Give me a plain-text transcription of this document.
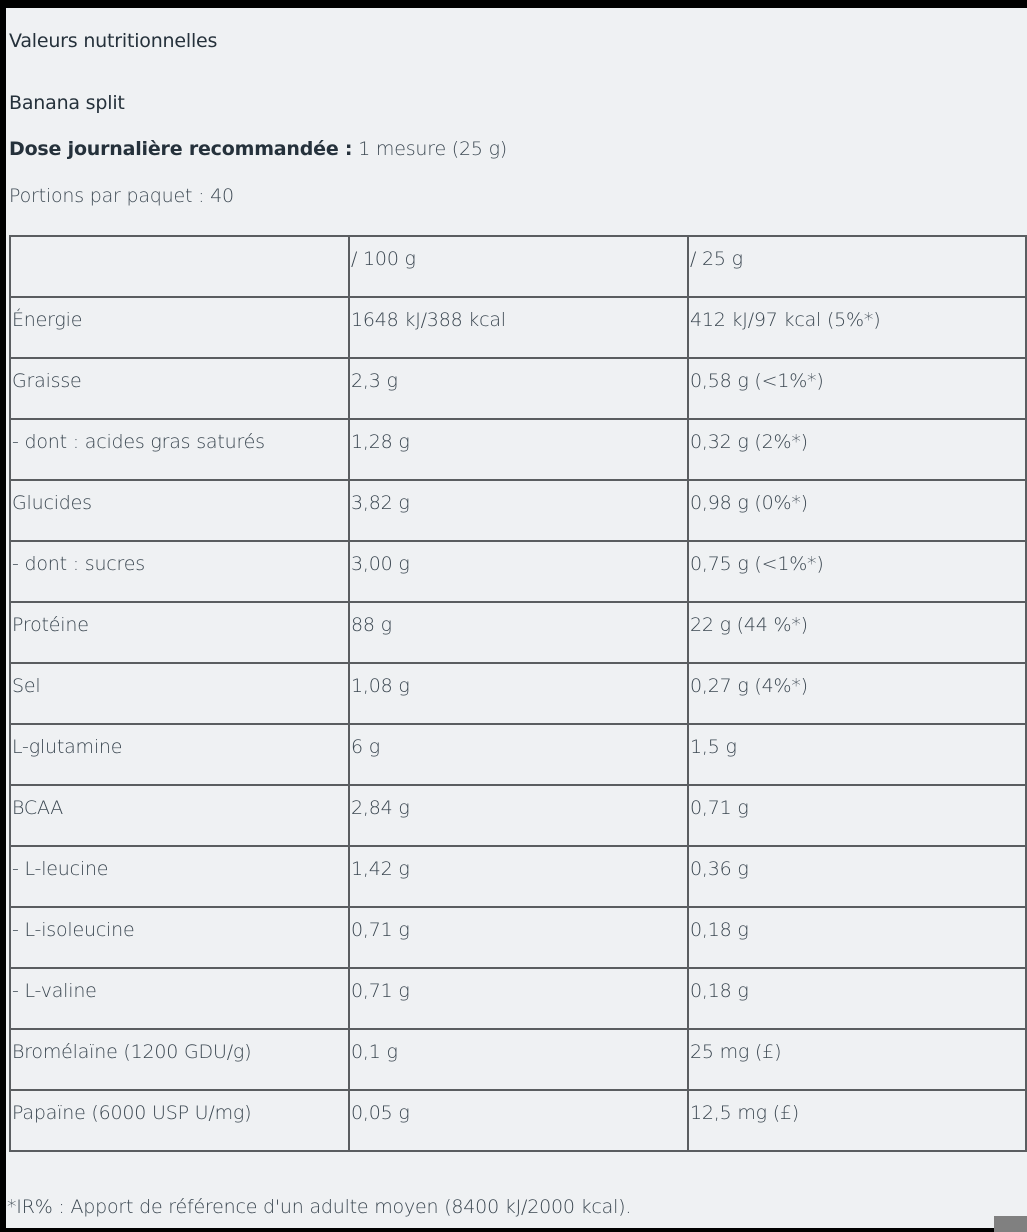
Valeurs nutritionnelles
Banana split
Dose journalière recommandée : 1 mesure (25 g)
Portions par paquet : 40

	/ 100 g	/ 25 g

Énergie	1648 kJ/388 kcal	412 kJ/97 kcal (5%*)

Graisse	2,3 g	0,58 g (<1%*)

- dont : acides gras saturés	1,28 g	0,32 g (2%*)

Glucides	3,82 g	0,98 g (0%*)

- dont : sucres	3,00 g	0,75 g (<1%*)

Protéine	88 g	22 g (44 %*)

Sel	1,08 g	0,27 g (4%*)

L-glutamine	6 g	1,5 g

BCAA	2,84 g	0,71 g

- L-leucine	1,42 g	0,36 g

- L-isoleucine	0,71 g	0,18 g

- L-valine	0,71 g	0,18 g

Bromélaïne (1200 GDU/g)	0,1 g	25 mg (£)

Papaïne (6000 USP U/mg)	0,05 g	12,5 mg (£)
*IR% : Apport de référence d'un adulte moyen (8400 kJ/2000 kcal).
